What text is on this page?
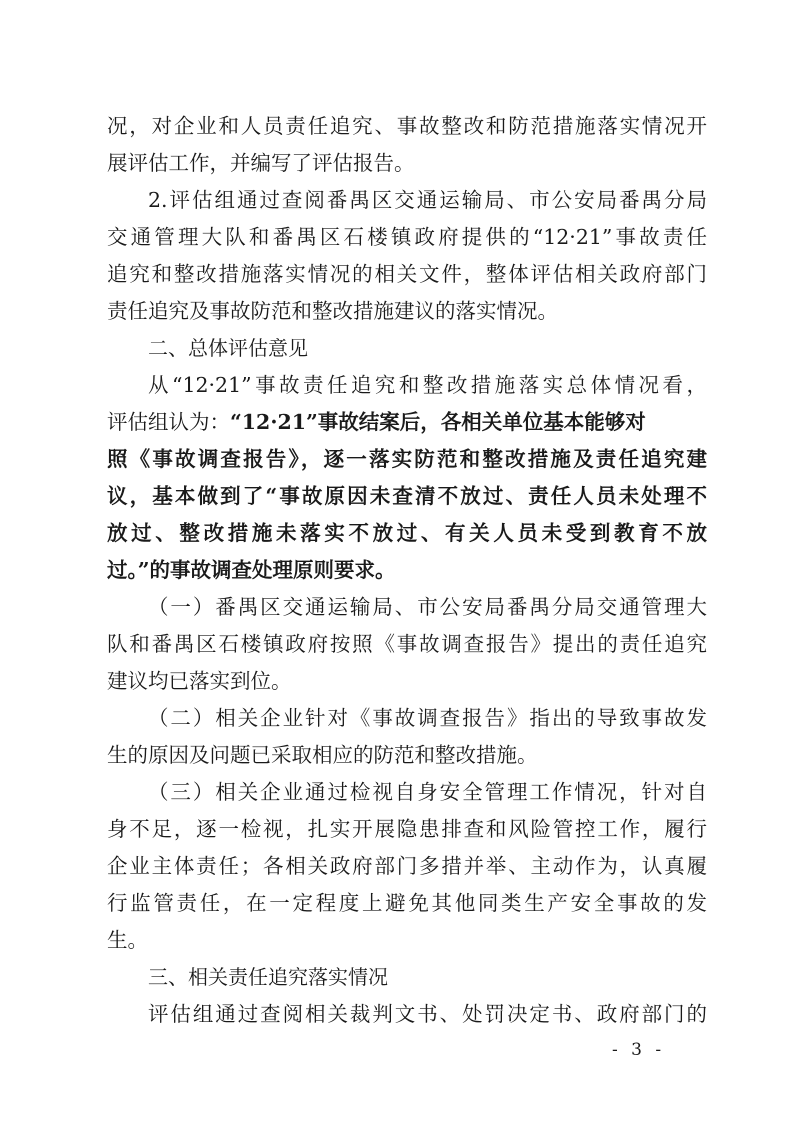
况，对企业和人员责任追究、事故整改和防范措施落实情况开
展评估工作，并编写了评估报告。
2.评估组通过查阅番禺区交通运输局、市公安局番禺分局
交通管理大队和番禺区石楼镇政府提供的“12·21”事故责任
追究和整改措施落实情况的相关文件，整体评估相关政府部门
责任追究及事故防范和整改措施建议的落实情况。
二、总体评估意见
从“12·21”事故责任追究和整改措施落实总体情况看，
评估组认为：“12·21”事故结案后，各相关单位基本能够对
照《事故调查报告》，逐一落实防范和整改措施及责任追究建
议，基本做到了“事故原因未查清不放过、责任人员未处理不
放过、整改措施未落实不放过、有关人员未受到教育不放
过。”的事故调查处理原则要求。
（一）番禺区交通运输局、市公安局番禺分局交通管理大
队和番禺区石楼镇政府按照《事故调查报告》提出的责任追究
建议均已落实到位。
（二）相关企业针对《事故调查报告》指出的导致事故发
生的原因及问题已采取相应的防范和整改措施。
（三）相关企业通过检视自身安全管理工作情况，针对自
身不足，逐一检视，扎实开展隐患排查和风险管控工作，履行
企业主体责任；各相关政府部门多措并举、主动作为，认真履
行监管责任，在一定程度上避免其他同类生产安全事故的发
生。
三、相关责任追究落实情况
评估组通过查阅相关裁判文书、处罚决定书、政府部门的
- 3 -
